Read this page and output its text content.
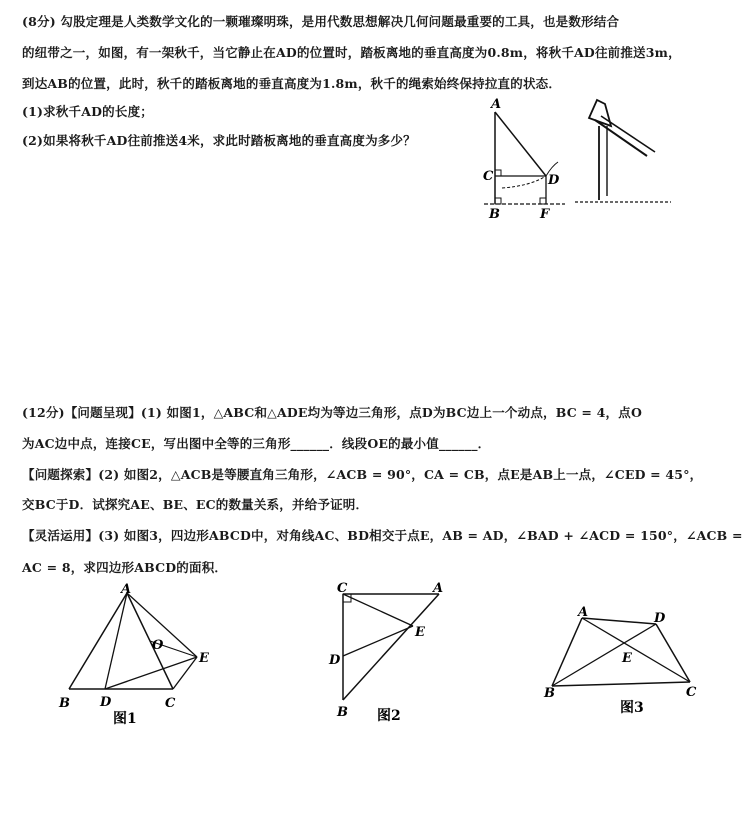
(8分) 勾股定理是人类数学文化的一颗璀璨明珠，是用代数思想解决几何问题最重要的工具，也是数形结合
的纽带之一，如图，有一架秋千，当它静止在AD的位置时，踏板离地的垂直高度为0.8m，将秋千AD往前推送3m，
到达AB的位置，此时，秋千的踏板离地的垂直高度为1.8m，秋千的绳索始终保持拉直的状态．
(1)求秋千AD的长度；
(2)如果将秋千AD往前推送4米，求此时踏板离地的垂直高度为多少？
A
C	D
B	F
(12分)【问题呈现】(1) 如图1，△ABC和△ADE均为等边三角形，点D为BC边上一个动点，BC = 4，点O
为AC边中点，连接CE，写出图中全等的三角形______．线段OE的最小值______．
【问题探索】(2) 如图2，△ACB是等腰直角三角形，∠ACB = 90°，CA = CB，点E是AB上一点，∠CED = 45°，
交BC于D．试探究AE、BE、EC的数量关系，并给予证明．
【灵活运用】(3) 如图3，四边形ABCD中，对角线AC、BD相交于点E，AB = AD，∠BAD + ∠ACD = 150°，∠ACB =
AC = 8，求四边形ABCD的面积．
A
O
E
B D	C
图1
C	A
E
D
B 图2
A	D
E
B	C
图3
